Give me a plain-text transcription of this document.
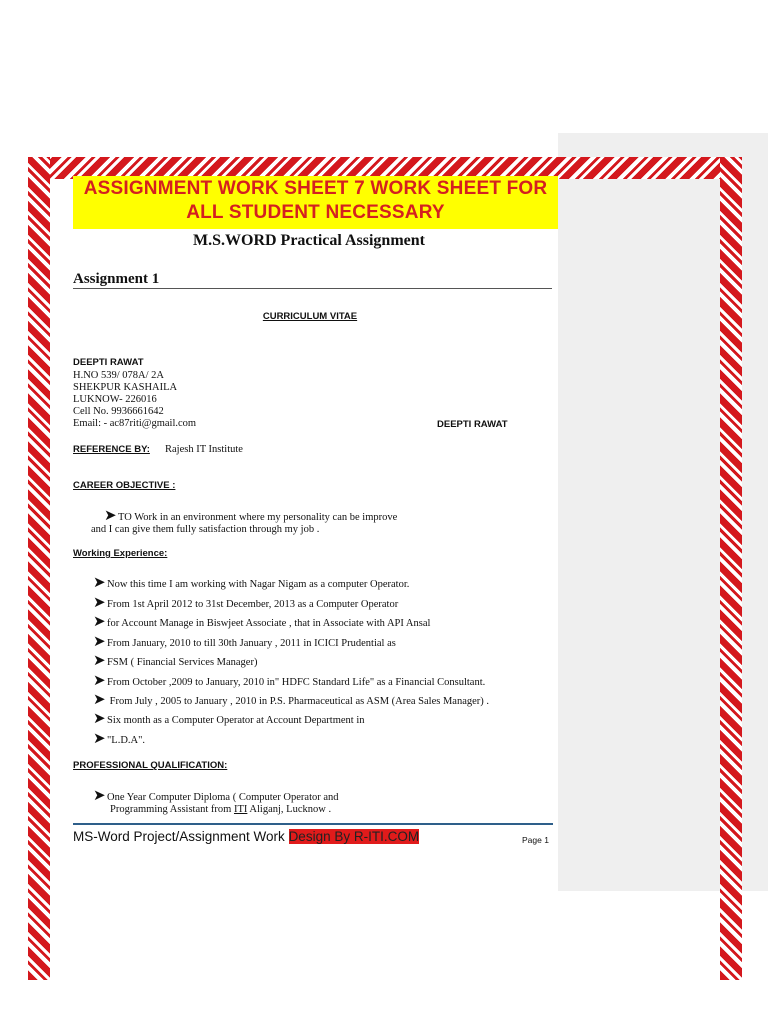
ASSIGNMENT WORK SHEET 7 WORK SHEET FOR
ALL STUDENT NECESSARY
M.S.WORD Practical Assignment
Assignment 1
CURRICULUM VITAE
DEEPTI RAWAT
H.NO 539/ 078A/ 2A
SHEKPUR KASHAILA
LUKNOW- 226016
Cell No. 9936661642
Email: - ac87riti@gmail.com	DEEPTI RAWAT
REFERENCE BY: Rajesh IT Institute
CAREER OBJECTIVE :
➤TO Work in an environment where my personality can be improve
and I can give them fully satisfaction through my job .
Working Experience:
➤Now this time I am working with Nagar Nigam as a computer Operator.
➤From 1st April 2012 to 31st December, 2013 as a Computer Operator
➤for Account Manage in Biswjeet Associate , that in Associate with API Ansal
➤From January, 2010 to till 30th January , 2011 in ICICI Prudential as
➤FSM ( Financial Services Manager)
➤From October ,2009 to January, 2010 in" HDFC Standard Life" as a Financial Consultant.
➤ From July , 2005 to January , 2010 in P.S. Pharmaceutical as ASM (Area Sales Manager) .
➤Six month as a Computer Operator at Account Department in
➤"L.D.A".
PROFESSIONAL QUALIFICATION:
➤One Year Computer Diploma ( Computer Operator and
Programming Assistant from ITI Aliganj, Lucknow .
MS-Word Project/Assignment Work Design By R-ITI.COM	Page 1
